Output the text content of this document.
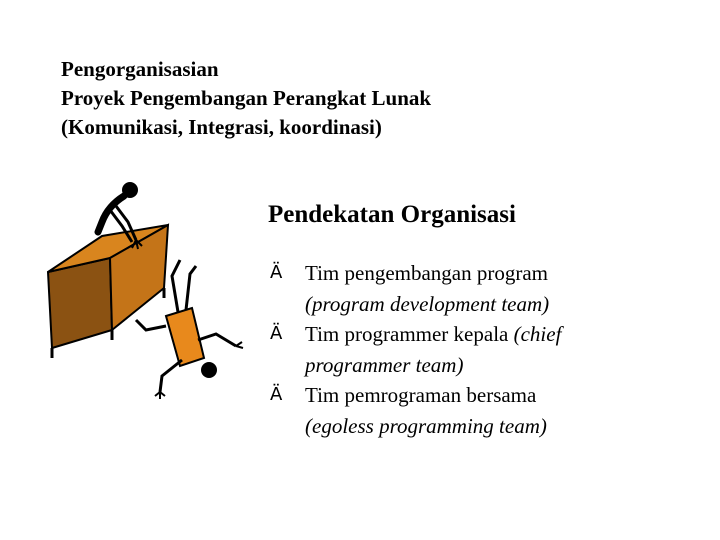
Pengorganisasian
Proyek Pengembangan Perangkat Lunak
(Komunikasi, Integrasi, koordinasi)
Pendekatan Organisasi
Ä Tim pengembangan program
(program development team)
Ä Tim programmer kepala (chief
programmer team)
Ä Tim pemrograman bersama
(egoless programming team)
